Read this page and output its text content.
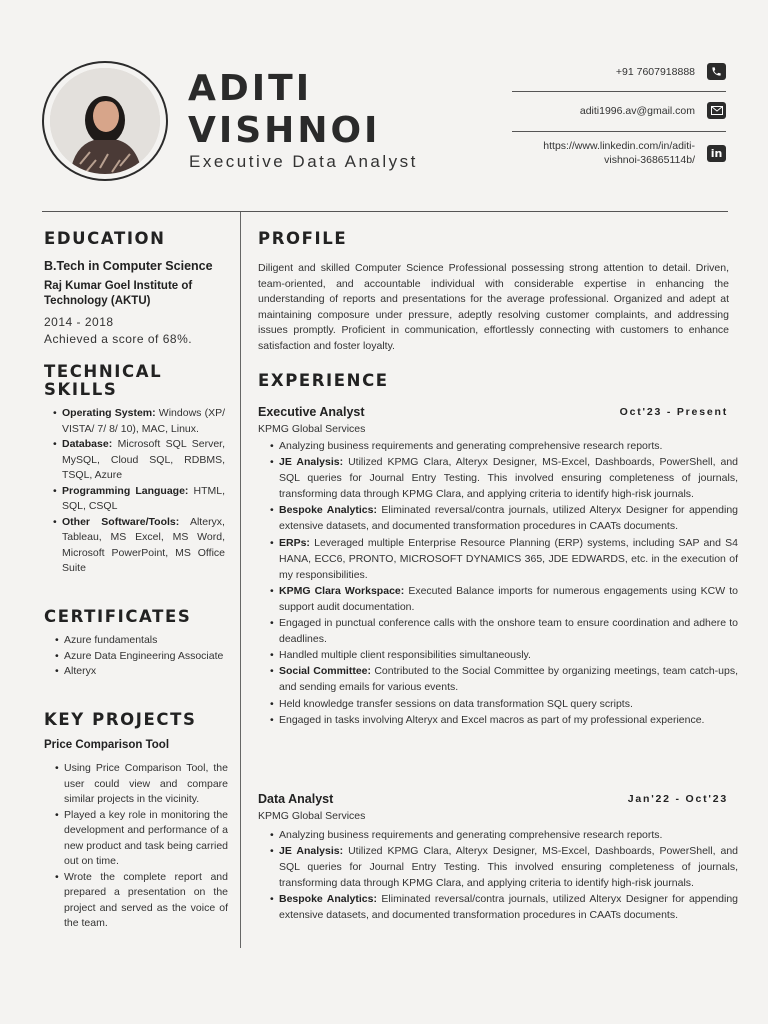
ADITI
VISHNOI
Executive Data Analyst
+91 7607918888
aditi1996.av@gmail.com
https://www.linkedin.com/in/aditi-
vishnoi-36865114b/
in
EDUCATION
B.Tech in Computer Science
Raj Kumar Goel Institute of Technology (AKTU)
2014 - 2018
Achieved a score of 68%.
TECHNICAL
SKILLS
• Operating System: Windows (XP/ VISTA/ 7/ 8/ 10), MAC, Linux.
• Database: Microsoft SQL Server, MySQL, Cloud SQL, RDBMS, TSQL, Azure
• Programming Language: HTML, SQL, CSQL
• Other Software/Tools: Alteryx, Tableau, MS Excel, MS Word, Microsoft PowerPoint, MS Office Suite
CERTIFICATES
• Azure fundamentals
• Azure Data Engineering Associate
• Alteryx
KEY PROJECTS
Price Comparison Tool
• Using Price Comparison Tool, the user could view and compare similar projects in the vicinity.
• Played a key role in monitoring the development and performance of a new product and task being carried out on time.
• Wrote the complete report and prepared a presentation on the project and served as the voice of the team.
PROFILE
Diligent and skilled Computer Science Professional possessing strong attention to detail. Driven, team-oriented, and accountable individual with considerable expertise in enhancing the understanding of reports and presentations for the average professional. Organized and adept at maintaining composure under pressure, adeptly resolving customer complaints, and addressing issues promptly. Proficient in communication, effortlessly connecting with customers to enhance satisfaction and foster loyalty.
EXPERIENCE
Executive Analyst	Oct'23 - Present
KPMG Global Services
• Analyzing business requirements and generating comprehensive research reports.
• JE Analysis: Utilized KPMG Clara, Alteryx Designer, MS-Excel, Dashboards, PowerShell, and SQL queries for Journal Entry Testing. This involved ensuring completeness of journals, transforming data through KPMG Clara, and applying criteria to identify high-risk journals.
• Bespoke Analytics: Eliminated reversal/contra journals, utilized Alteryx Designer for appending extensive datasets, and documented transformation procedures in CAATs documents.
• ERPs: Leveraged multiple Enterprise Resource Planning (ERP) systems, including SAP and S4 HANA, ECC6, PRONTO, MICROSOFT DYNAMICS 365, JDE EDWARDS, etc. in the execution of my responsibilities.
• KPMG Clara Workspace: Executed Balance imports for numerous engagements using KCW to support audit documentation.
• Engaged in punctual conference calls with the onshore team to ensure coordination and adhere to deadlines.
• Handled multiple client responsibilities simultaneously.
• Social Committee: Contributed to the Social Committee by organizing meetings, team catch-ups, and sending emails for various events.
• Held knowledge transfer sessions on data transformation SQL query scripts.
• Engaged in tasks involving Alteryx and Excel macros as part of my professional experience.
Data Analyst	Jan'22 - Oct'23
KPMG Global Services
• Analyzing business requirements and generating comprehensive research reports.
• JE Analysis: Utilized KPMG Clara, Alteryx Designer, MS-Excel, Dashboards, PowerShell, and SQL queries for Journal Entry Testing. This involved ensuring completeness of journals, transforming data through KPMG Clara, and applying criteria to identify high-risk journals.
• Bespoke Analytics: Eliminated reversal/contra journals, utilized Alteryx Designer for appending extensive datasets, and documented transformation procedures in CAATs documents.
